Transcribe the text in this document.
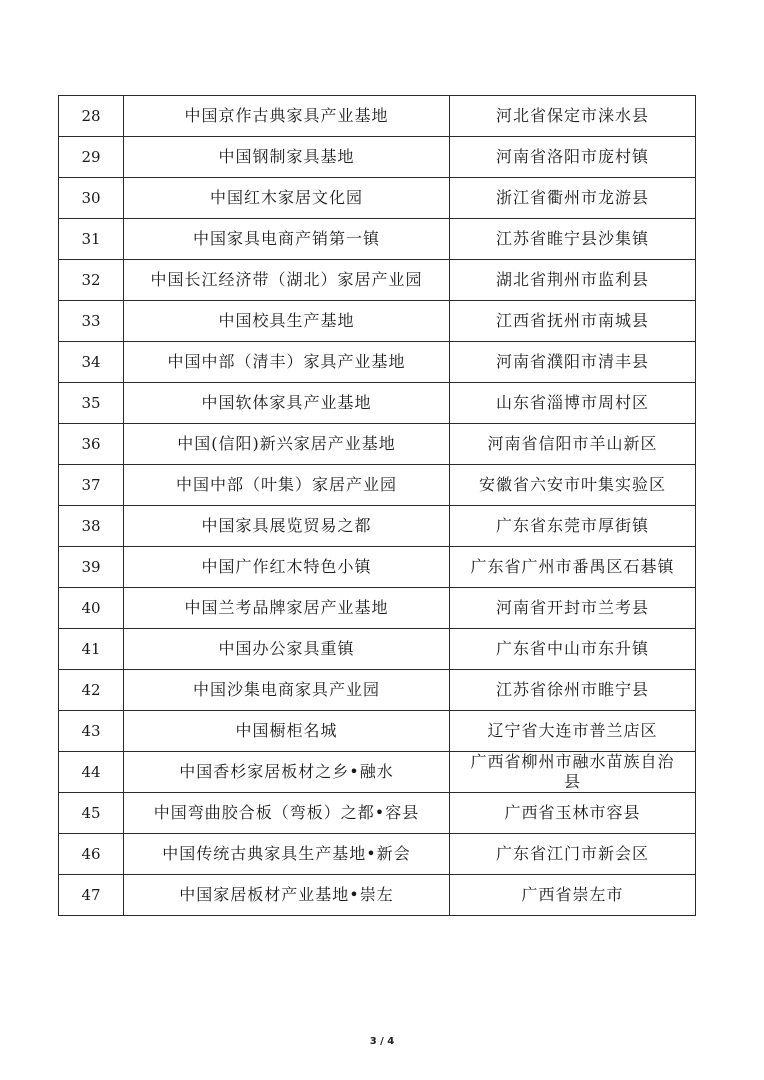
28	中国京作古典家具产业基地	河北省保定市涞水县
29	中国钢制家具基地	河南省洛阳市庞村镇
30	中国红木家居文化园	浙江省衢州市龙游县
31	中国家具电商产销第一镇	江苏省睢宁县沙集镇
32	中国长江经济带（湖北）家居产业园	湖北省荆州市监利县
33	中国校具生产基地	江西省抚州市南城县
34	中国中部（清丰）家具产业基地	河南省濮阳市清丰县
35	中国软体家具产业基地	山东省淄博市周村区
36	中国(信阳)新兴家居产业基地	河南省信阳市羊山新区
37	中国中部（叶集）家居产业园	安徽省六安市叶集实验区
38	中国家具展览贸易之都	广东省东莞市厚街镇
39	中国广作红木特色小镇	广东省广州市番禺区石碁镇
40	中国兰考品牌家居产业基地	河南省开封市兰考县
41	中国办公家具重镇	广东省中山市东升镇
42	中国沙集电商家具产业园	江苏省徐州市睢宁县
43	中国橱柜名城	辽宁省大连市普兰店区
44	中国香杉家居板材之乡•融水	广西省柳州市融水苗族自治县
45	中国弯曲胶合板（弯板）之都•容县	广西省玉林市容县
46	中国传统古典家具生产基地•新会	广东省江门市新会区
47	中国家居板材产业基地•崇左	广西省崇左市
3 / 4
